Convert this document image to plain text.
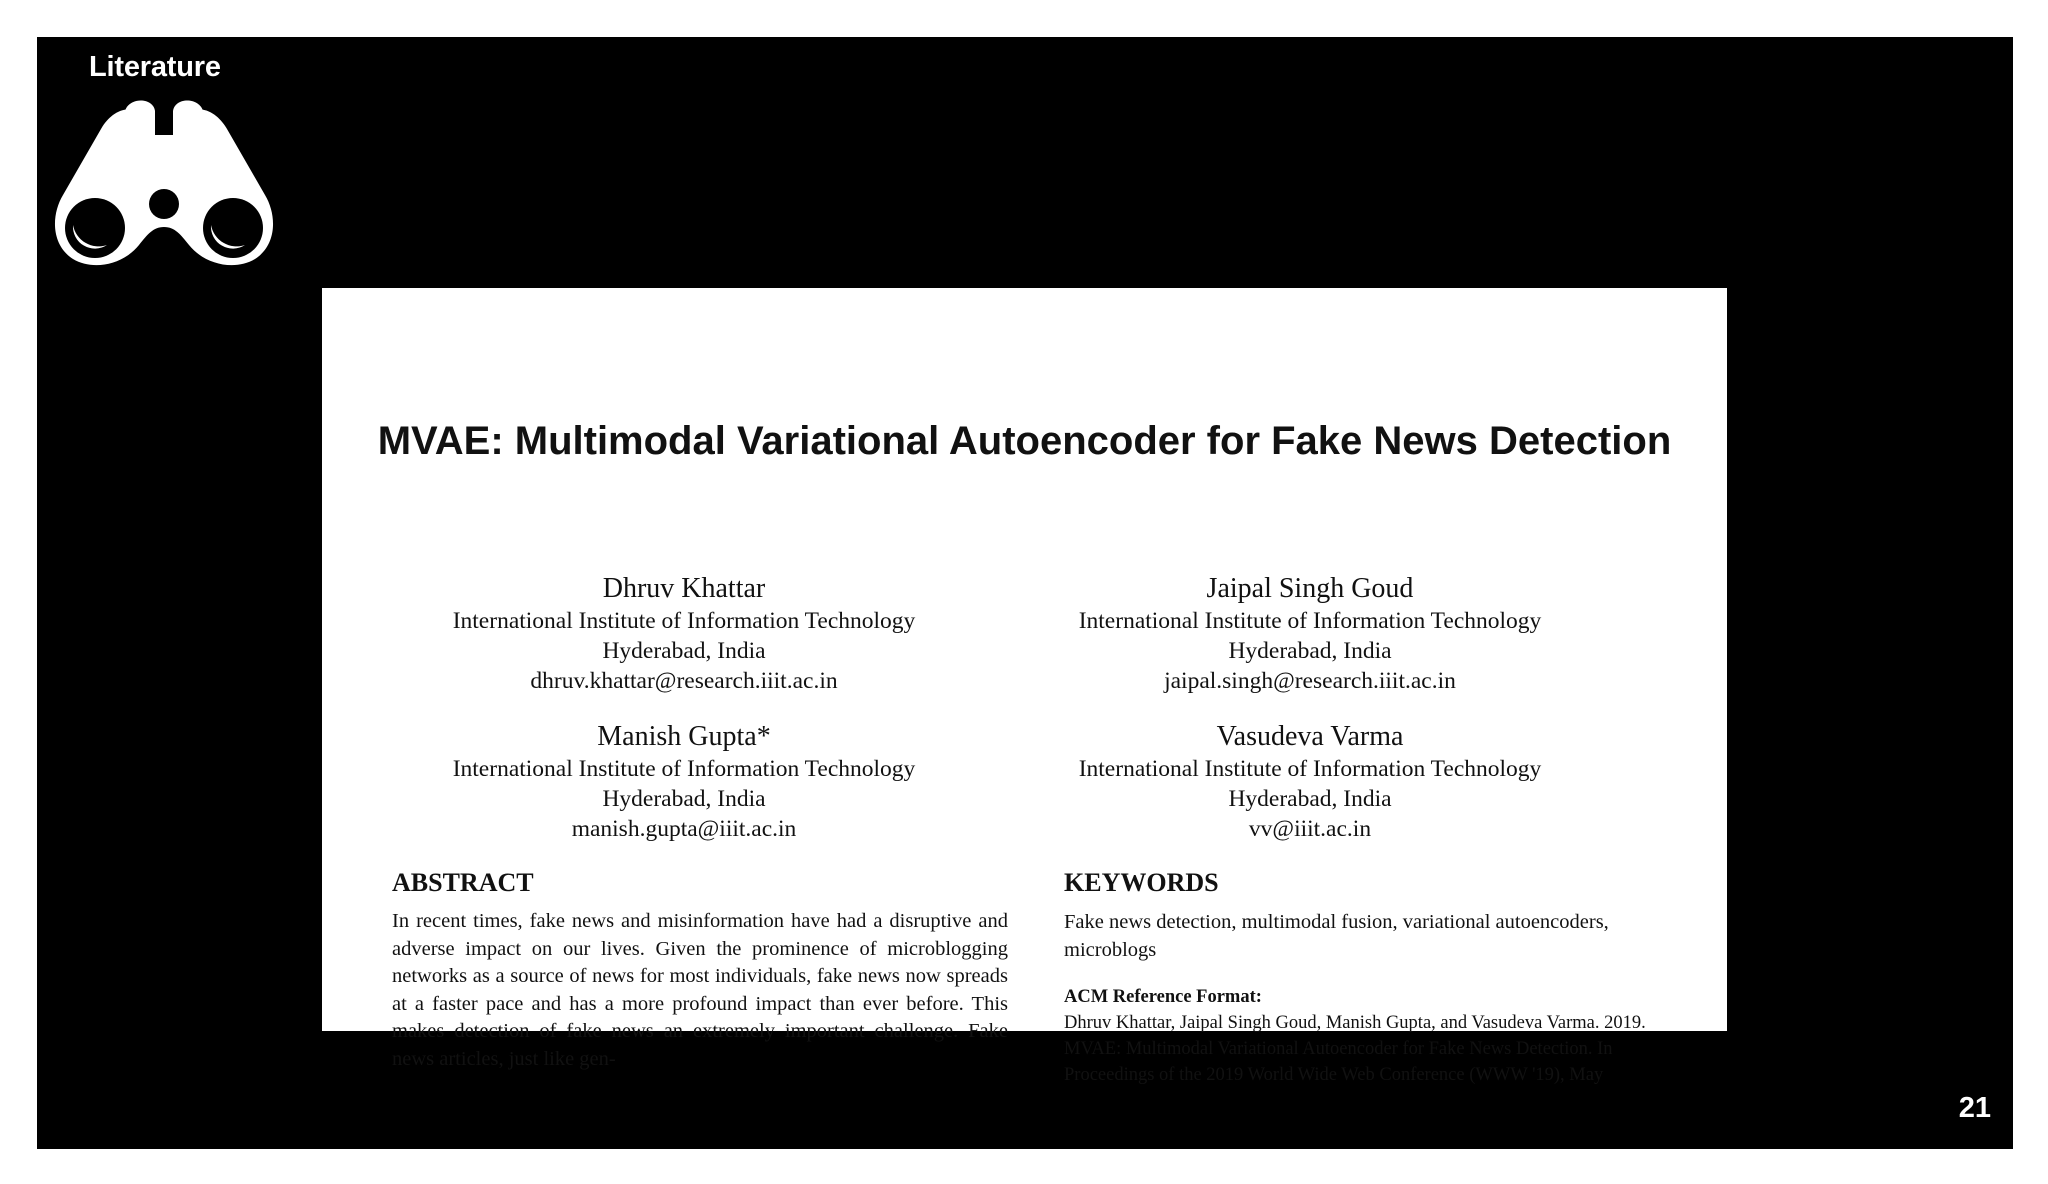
Literature
MVAE: Multimodal Variational Autoencoder for Fake News Detection
Dhruv Khattar
International Institute of Information Technology
Hyderabad, India
dhruv.khattar@research.iiit.ac.in
Jaipal Singh Goud
International Institute of Information Technology
Hyderabad, India
jaipal.singh@research.iiit.ac.in
Manish Gupta*
International Institute of Information Technology
Hyderabad, India
manish.gupta@iiit.ac.in
Vasudeva Varma
International Institute of Information Technology
Hyderabad, India
vv@iiit.ac.in
ABSTRACT
In recent times, fake news and misinformation have had a disruptive and adverse impact on our lives. Given the prominence of microblogging networks as a source of news for most individuals, fake news now spreads at a faster pace and has a more profound impact than ever before. This makes detection of fake news an extremely important challenge. Fake news articles, just like gen-
KEYWORDS
Fake news detection, multimodal fusion, variational autoencoders, microblogs
ACM Reference Format:
Dhruv Khattar, Jaipal Singh Goud, Manish Gupta, and Vasudeva Varma. 2019. MVAE: Multimodal Variational Autoencoder for Fake News Detection. In Proceedings of the 2019 World Wide Web Conference (WWW '19), May
21
